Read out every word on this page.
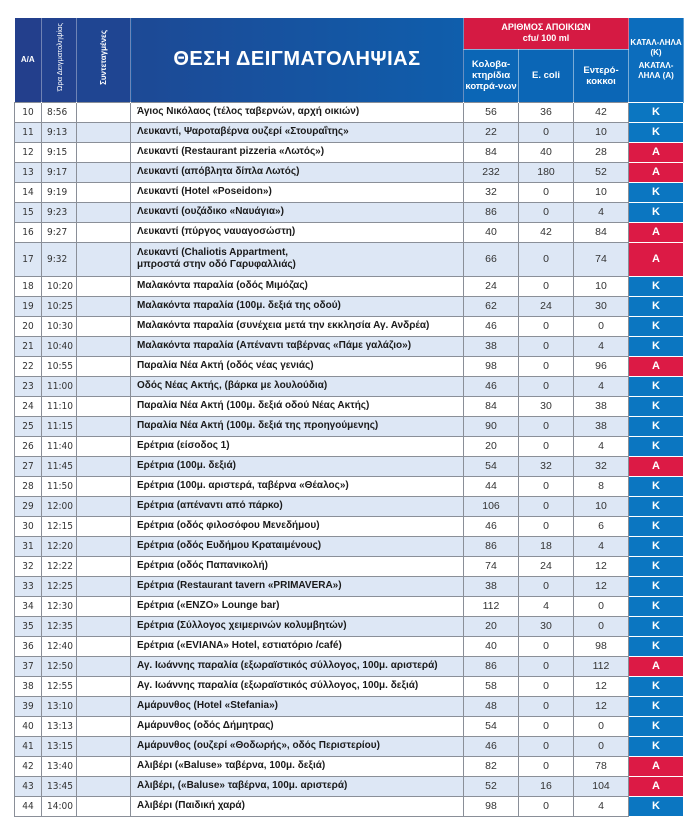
A/A	Ώρα Δειγματοληψίας	Συντεταγμένες	ΘΕΣΗ ΔΕΙΓΜΑΤΟΛΗΨΙΑΣ	
ΑΡΙΘΜΟΣ ΑΠΟΙΚΙΩΝ
cfu/ 100 ml	ΚΑΤΑΛ-ΛΗΛΑ (Κ)
ΑΚΑΤΑΛ-ΛΗΛΑ (Α)

				Κολοβα-κτηρίδια κοπρά-νων	E. coli	Εντερό-κοκκοι	
10	8:56		Άγιος Νικόλαος (τέλος ταβερνών, αρχή οικιών)	56	36	42	Κ
11	9:13		Λευκαντί, Ψαροταβέρνα ουζερί «Στουραΐτης»	22	0	10	Κ
12	9:15		Λευκαντί (Restaurant pizzeria «Λωτός»)	84	40	28	Α
13	9:17		Λευκαντί (απόβλητα δίπλα Λωτός)	232	180	52	Α
14	9:19		Λευκαντί (Hotel «Poseidon»)	32	0	10	Κ
15	9:23		Λευκαντί (ουζάδικο «Ναυάγια»)	86	0	4	Κ
16	9:27		Λευκαντί (πύργος ναυαγοσώστη)	40	42	84	Α
17	9:32		Λευκαντί (Chaliotis Appartment,
μπροστά στην οδό Γαρυφαλλιάς)	66	0	74	Α
18	10:20		Μαλακόντα παραλία (οδός Μιμόζας)	24	0	10	Κ
19	10:25		Μαλακόντα παραλία (100μ. δεξιά της οδού)	62	24	30	Κ
20	10:30		Μαλακόντα παραλία (συνέχεια μετά την εκκλησία Αγ. Ανδρέα)	46	0	0	Κ
21	10:40		Μαλακόντα παραλία (Απέναντι ταβέρνας «Πάμε γαλάζιο»)	38	0	4	Κ
22	10:55		Παραλία Νέα Ακτή (οδός νέας γενιάς)	98	0	96	Α
23	11:00		Οδός Νέας Ακτής, (βάρκα με λουλούδια)	46	0	4	Κ
24	11:10		Παραλία Νέα Ακτή (100μ. δεξιά οδού Νέας Ακτής)	84	30	38	Κ
25	11:15		Παραλία Νέα Ακτή (100μ. δεξιά της προηγούμενης)	90	0	38	Κ
26	11:40		Ερέτρια (είσοδος 1)	20	0	4	Κ
27	11:45		Ερέτρια (100μ. δεξιά)	54	32	32	Α
28	11:50		Ερέτρια (100μ. αριστερά, ταβέρνα «Θέαλος»)	44	0	8	Κ
29	12:00		Ερέτρια (απέναντι από πάρκο)	106	0	10	Κ
30	12:15		Ερέτρια (οδός φιλοσόφου Μενεδήμου)	46	0	6	Κ
31	12:20		Ερέτρια (οδός Ευδήμου Κραταιμένους)	86	18	4	Κ
32	12:22		Ερέτρια (οδός Παπανικολή)	74	24	12	Κ
33	12:25		Ερέτρια (Restaurant tavern «PRIMAVERA»)	38	0	12	Κ
34	12:30		Ερέτρια («ENZO» Lounge bar)	112	4	0	Κ
35	12:35		Ερέτρια (Σύλλογος χειμερινών κολυμβητών)	20	30	0	Κ
36	12:40		Ερέτρια («EVIANA» Hotel, εστιατόριο /café)	40	0	98	Κ
37	12:50		Αγ. Ιωάννης παραλία (εξωραϊστικός σύλλογος, 100μ. αριστερά)	86	0	112	Α
38	12:55		Αγ. Ιωάννης παραλία (εξωραϊστικός σύλλογος, 100μ. δεξιά)	58	0	12	Κ
39	13:10		Αμάρυνθος (Hotel «Stefania»)	48	0	12	Κ
40	13:13		Αμάρυνθος (οδός Δήμητρας)	54	0	0	Κ
41	13:15		Αμάρυνθος (ουζερί «Θοδωρής», οδός Περιστερίου)	46	0	0	Κ
42	13:40		Αλιβέρι («Baluse» ταβέρνα, 100μ. δεξιά)	82	0	78	Α
43	13:45		Αλιβέρι, («Baluse» ταβέρνα, 100μ. αριστερά)	52	16	104	Α
44	14:00		Αλιβέρι (Παιδική χαρά)	98	0	4	Κ
